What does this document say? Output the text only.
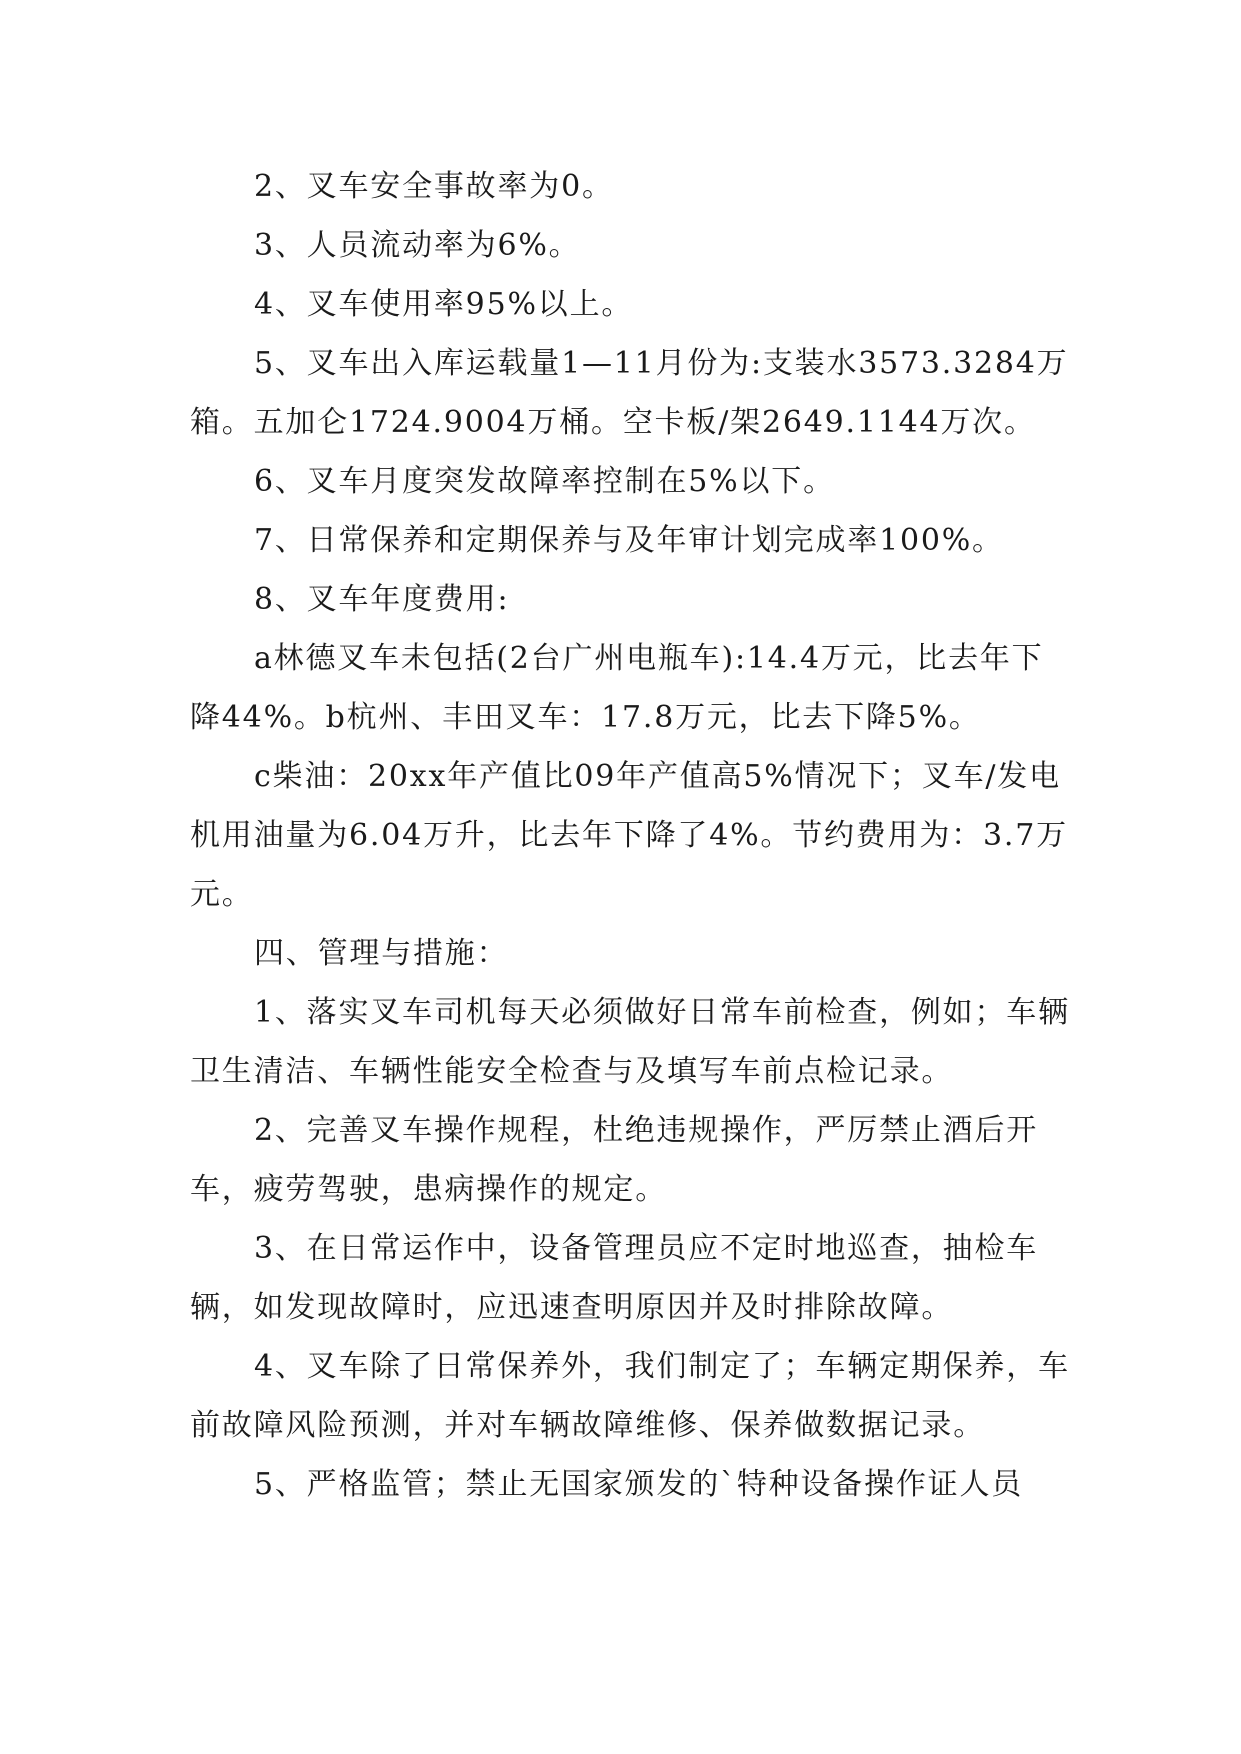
2、叉车安全事故率为0。

3、人员流动率为6%。

4、叉车使用率95%以上。

5、叉车出入库运载量1—11月份为:支装水3573.3284万箱。五加仑1724.9004万桶。空卡板/架2649.1144万次。

6、叉车月度突发故障率控制在5%以下。

7、日常保养和定期保养与及年审计划完成率100%。

8、叉车年度费用:

a林德叉车未包括(2台广州电瓶车):14.4万元，比去年下降44%。b杭州、丰田叉车：17.8万元，比去下降5%。

c柴油：20xx年产值比09年产值高5%情况下；叉车/发电机用油量为6.04万升，比去年下降了4%。节约费用为：3.7万元。

四、管理与措施：

1、落实叉车司机每天必须做好日常车前检查，例如；车辆卫生清洁、车辆性能安全检查与及填写车前点检记录。

2、完善叉车操作规程，杜绝违规操作，严厉禁止酒后开车，疲劳驾驶，患病操作的规定。

3、在日常运作中，设备管理员应不定时地巡查，抽检车辆，如发现故障时，应迅速查明原因并及时排除故障。

4、叉车除了日常保养外，我们制定了；车辆定期保养，车前故障风险预测，并对车辆故障维修、保养做数据记录。

5、严格监管；禁止无国家颁发的`特种设备操作证人员
